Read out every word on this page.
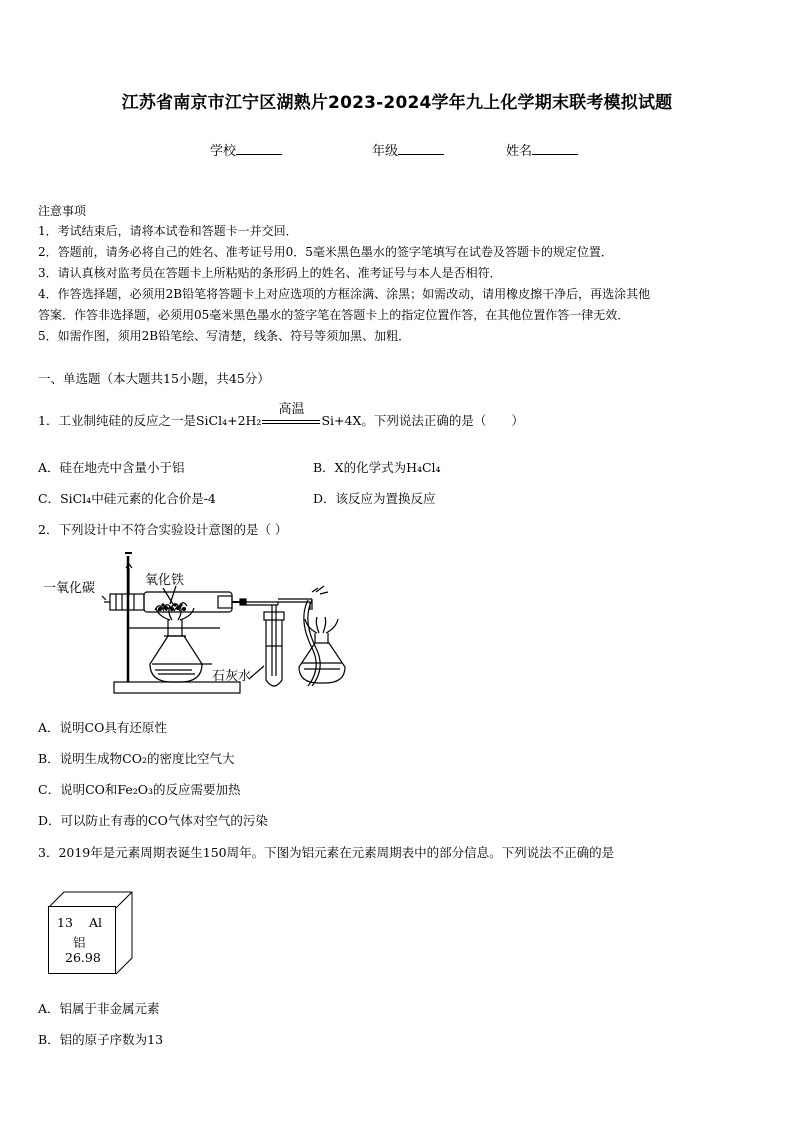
江苏省南京市江宁区湖熟片2023-2024学年九上化学期末联考模拟试题
学校	年级	姓名
注意事项
1．考试结束后，请将本试卷和答题卡一并交回．
2．答题前，请务必将自己的姓名、准考证号用0．5毫米黑色墨水的签字笔填写在试卷及答题卡的规定位置．
3．请认真核对监考员在答题卡上所粘贴的条形码上的姓名、准考证号与本人是否相符．
4．作答选择题，必须用2B铅笔将答题卡上对应选项的方框涂满、涂黑；如需改动，请用橡皮擦干净后，再选涂其他
答案．作答非选择题，必须用05毫米黑色墨水的签字笔在答题卡上的指定位置作答，在其他位置作答一律无效．
5．如需作图，须用2B铅笔绘、写清楚，线条、符号等须加黑、加粗．
一、单选题（本大题共15小题，共45分）
1．工业制纯硅的反应之一是SiCl₄+2H₂
高温
Si+4X。下列说法正确的是（　　）
A．硅在地壳中含量小于铝	B．X的化学式为H₄Cl₄
C．SiCl₄中硅元素的化合价是-4	D．该反应为置换反应
2．下列设计中不符合实验设计意图的是（ ）
一氧化碳
氧化铁
石灰水
A．说明CO具有还原性
B．说明生成物CO₂的密度比空气大
C．说明CO和Fe₂O₃的反应需要加热
D．可以防止有毒的CO气体对空气的污染
3．2019年是元素周期表诞生150周年。下图为铝元素在元素周期表中的部分信息。下列说法不正确的是
13 Al
铝
26.98
A．铝属于非金属元素
B．铝的原子序数为13
